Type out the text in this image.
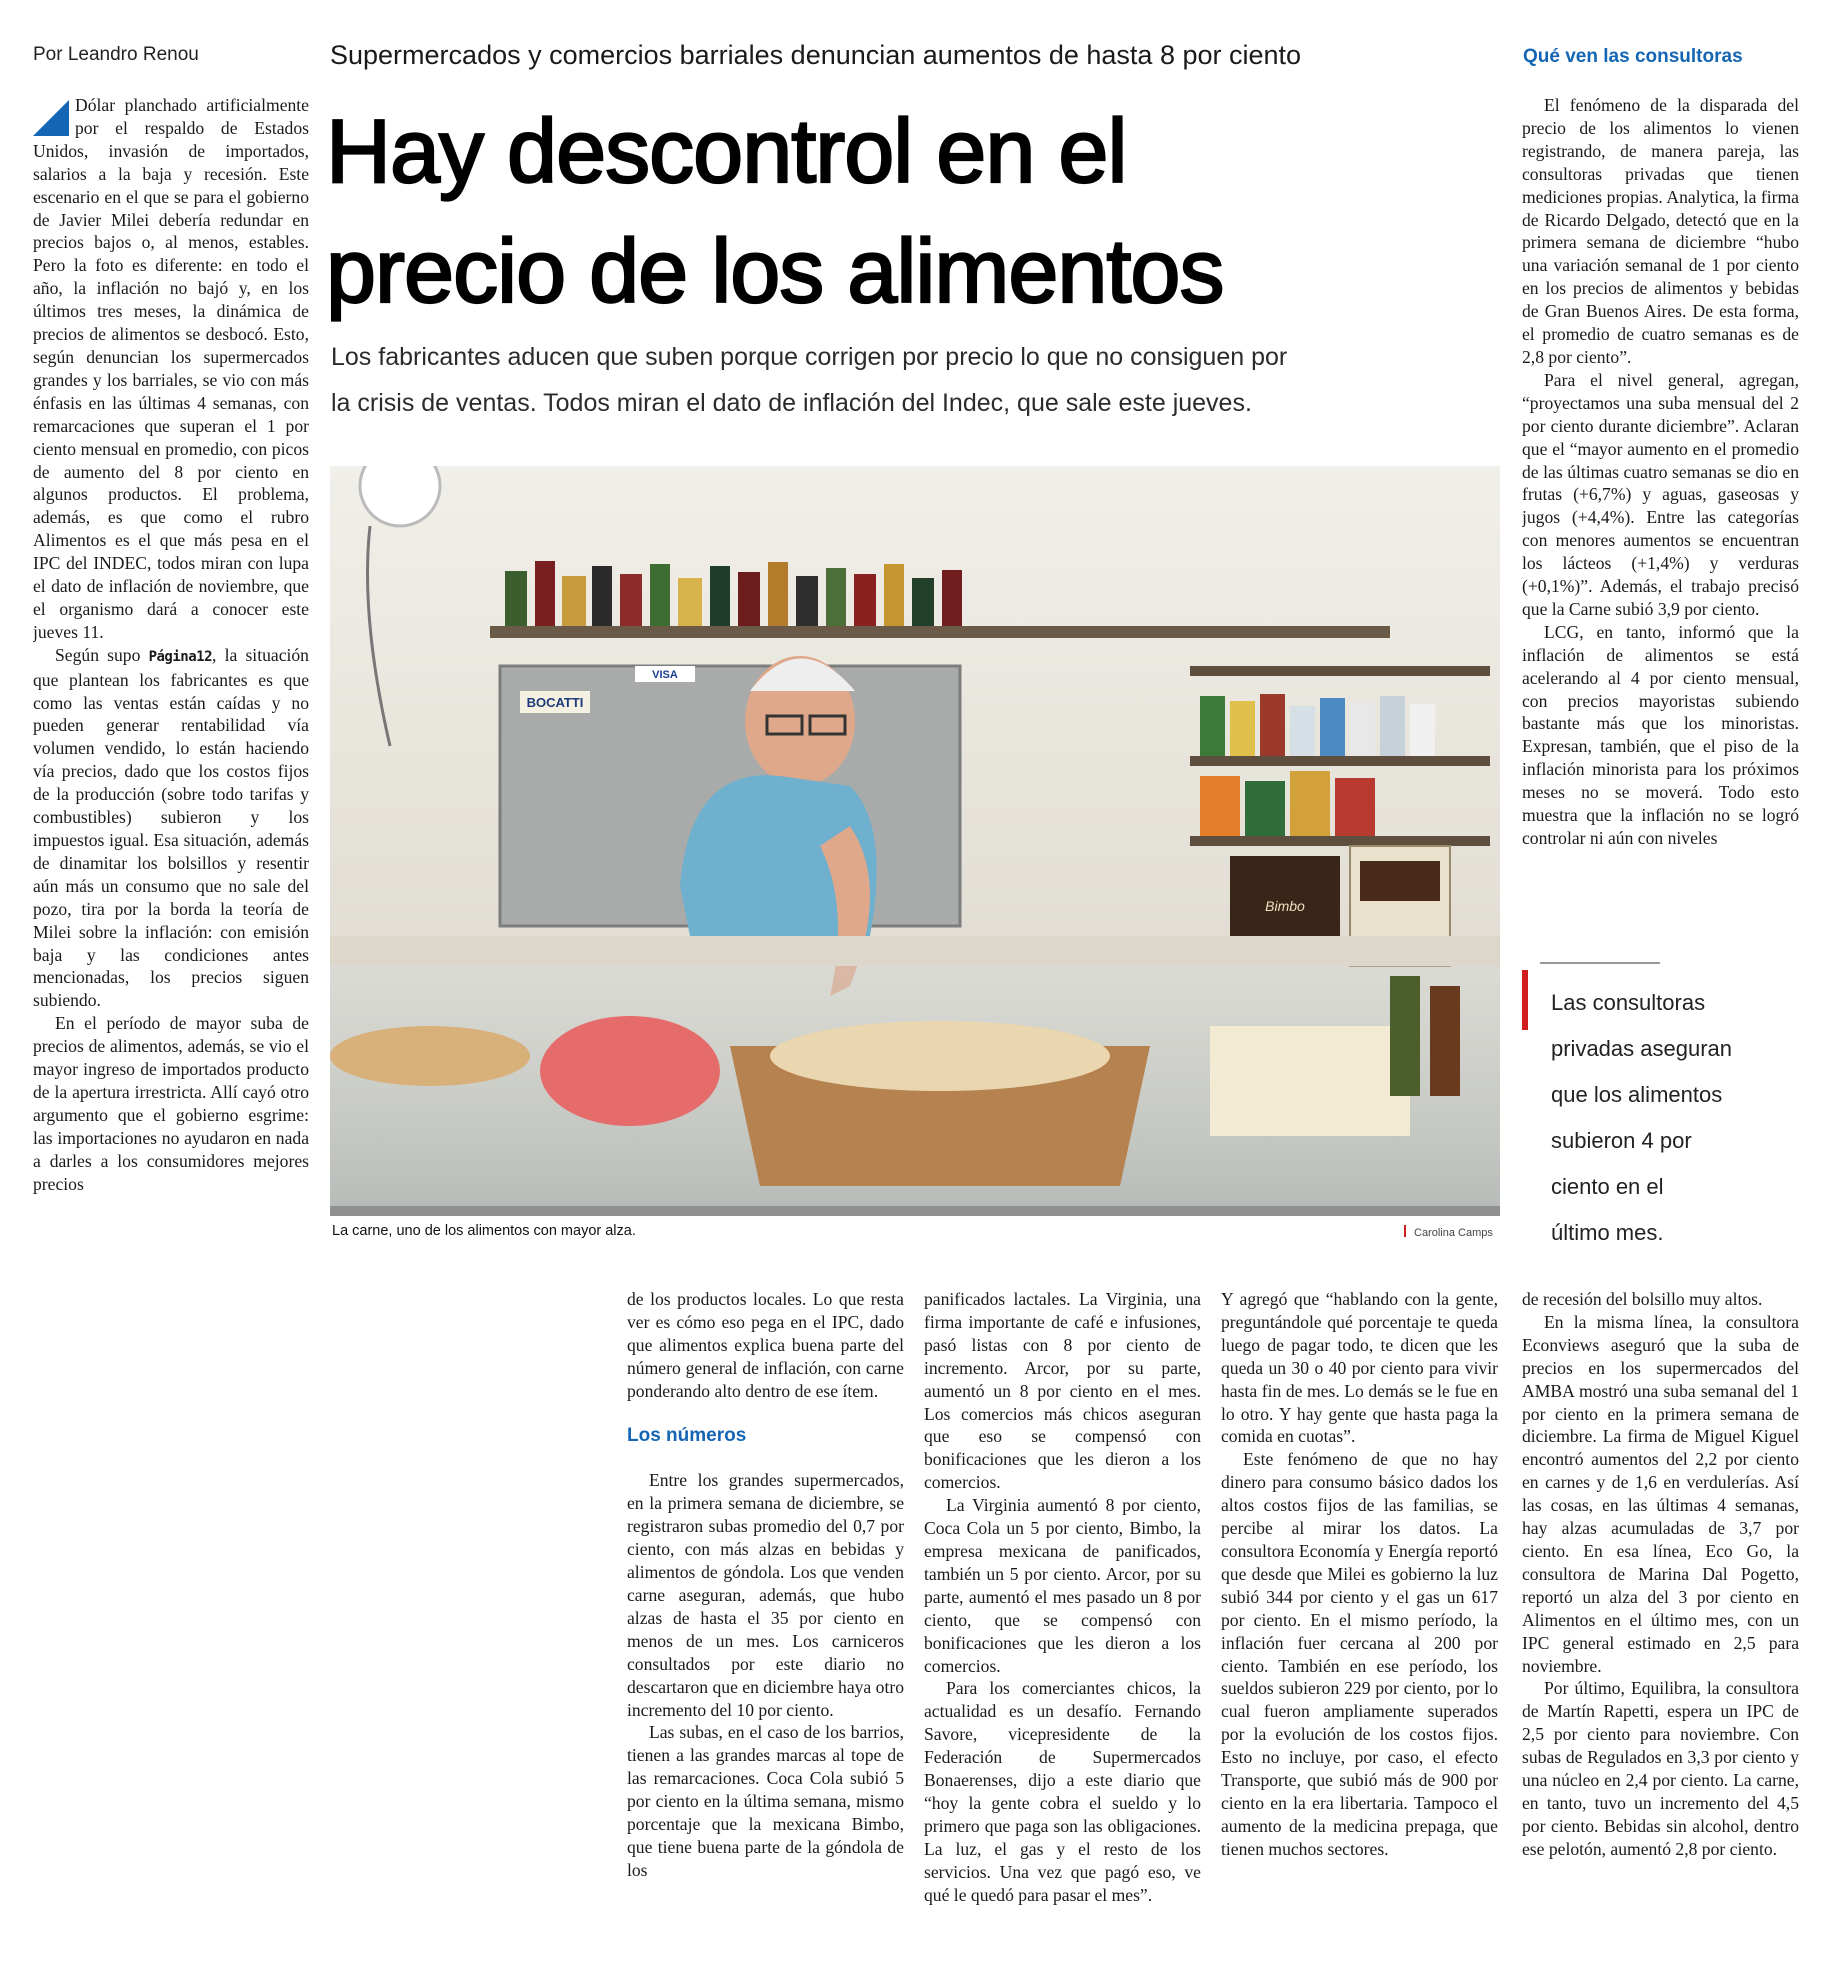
Por Leandro Renou	Supermercados y comercios barriales denuncian aumentos de hasta 8 por ciento
Hay descontrol en el
precio de los alimentos
Los fabricantes aducen que suben porque corrigen por precio lo que no consiguen por
la crisis de ventas. Todos miran el dato de inflación del Indec, que sale este jueves.

Dólar planchado artificialmente por el respaldo de Estados Unidos, invasión de importados, salarios a la baja y recesión. Este escenario en el que se para el gobierno de Javier Milei debería redundar en precios bajos o, al menos, estables. Pero la foto es diferente: en todo el año, la inflación no bajó y, en los últimos tres meses, la dinámica de precios de alimentos se desbocó. Esto, según denuncian los supermercados grandes y los barriales, se vio con más énfasis en las últimas 4 semanas, con remarcaciones que superan el 1 por ciento mensual en promedio, con picos de aumento del 8 por ciento en algunos productos. El problema, además, es que como el rubro Alimentos es el que más pesa en el IPC del INDEC, todos miran con lupa el dato de inflación de noviembre, que el organismo dará a conocer este jueves 11.

Según supo Página12, la situación que plantean los fabricantes es que como las ventas están caídas y no pueden generar rentabilidad vía volumen vendido, lo están haciendo vía precios, dado que los costos fijos de la producción (sobre todo tarifas y combustibles) subieron y los impuestos igual. Esa situación, además de dinamitar los bolsillos y resentir aún más un consumo que no sale del pozo, tira por la borda la teoría de Milei sobre la inflación: con emisión baja y las condiciones antes mencionadas, los precios siguen subiendo.

En el período de mayor suba de precios de alimentos, además, se vio el mayor ingreso de importados producto de la apertura irrestricta. Allí cayó otro argumento que el gobierno esgrime: las importaciones no ayudaron en nada a darles a los consumidores mejores precios

Qué ven las consultoras

El fenómeno de la disparada del precio de los alimentos lo vienen registrando, de manera pareja, las consultoras privadas que tienen mediciones propias. Analytica, la firma de Ricardo Delgado, detectó que en la primera semana de diciembre “hubo una variación semanal de 1 por ciento en los precios de alimentos y bebidas de Gran Buenos Aires. De esta forma, el promedio de cuatro semanas es de 2,8 por ciento”.

Para el nivel general, agregan, “proyectamos una suba mensual del 2 por ciento durante diciembre”. Aclaran que el “mayor aumento en el promedio de las últimas cuatro semanas se dio en frutas (+6,7%) y aguas, gaseosas y jugos (+4,4%). Entre las categorías con menores aumentos se encuentran los lácteos (+1,4%) y verduras (+0,1%)”. Además, el trabajo precisó que la Carne subió 3,9 por ciento.

LCG, en tanto, informó que la inflación de alimentos se está acelerando al 4 por ciento mensual, con precios mayoristas subiendo bastante más que los minoristas. Expresan, también, que el piso de la inflación minorista para los próximos meses no se moverá. Todo esto muestra que la inflación no se logró controlar ni aún con niveles

Las consultoras
privadas aseguran
que los alimentos
subieron 4 por
ciento en el
último mes.
BOCATTI
VISA
Bimbo
La carne, uno de los alimentos con mayor alza.	Carolina Camps

de los productos locales. Lo que resta ver es cómo eso pega en el IPC, dado que alimentos explica buena parte del número general de inflación, con carne ponderando alto dentro de ese ítem.

Los números

Entre los grandes supermercados, en la primera semana de diciembre, se registraron subas promedio del 0,7 por ciento, con más alzas en bebidas y alimentos de góndola. Los que venden carne aseguran, además, que hubo alzas de hasta el 35 por ciento en menos de un mes. Los carniceros consultados por este diario no descartaron que en diciembre haya otro incremento del 10 por ciento.

Las subas, en el caso de los barrios, tienen a las grandes marcas al tope de las remarcaciones. Coca Cola subió 5 por ciento en la última semana, mismo porcentaje que la mexicana Bimbo, que tiene buena parte de la góndola de los

panificados lactales. La Virginia, una firma importante de café e infusiones, pasó listas con 8 por ciento de incremento. Arcor, por su parte, aumentó un 8 por ciento en el mes. Los comercios más chicos aseguran que eso se compensó con bonificaciones que les dieron a los comercios.

La Virginia aumentó 8 por ciento, Coca Cola un 5 por ciento, Bimbo, la empresa mexicana de panificados, también un 5 por ciento. Arcor, por su parte, aumentó el mes pasado un 8 por ciento, que se compensó con bonificaciones que les dieron a los comercios.

Para los comerciantes chicos, la actualidad es un desafío. Fernando Savore, vicepresidente de la Federación de Supermercados Bonaerenses, dijo a este diario que “hoy la gente cobra el sueldo y lo primero que paga son las obligaciones. La luz, el gas y el resto de los servicios. Una vez que pagó eso, ve qué le quedó para pasar el mes”.

Y agregó que “hablando con la gente, preguntándole qué porcentaje te queda luego de pagar todo, te dicen que les queda un 30 o 40 por ciento para vivir hasta fin de mes. Lo demás se le fue en lo otro. Y hay gente que hasta paga la comida en cuotas”.

Este fenómeno de que no hay dinero para consumo básico dados los altos costos fijos de las familias, se percibe al mirar los datos. La consultora Economía y Energía reportó que desde que Milei es gobierno la luz subió 344 por ciento y el gas un 617 por ciento. En el mismo período, la inflación fuer cercana al 200 por ciento. También en ese período, los sueldos subieron 229 por ciento, por lo cual fueron ampliamente superados por la evolución de los costos fijos. Esto no incluye, por caso, el efecto Transporte, que subió más de 900 por ciento en la era libertaria. Tampoco el aumento de la medicina prepaga, que tienen muchos sectores.

de recesión del bolsillo muy altos.

En la misma línea, la consultora Econviews aseguró que la suba de precios en los supermercados del AMBA mostró una suba semanal del 1 por ciento en la primera semana de diciembre. La firma de Miguel Kiguel encontró aumentos del 2,2 por ciento en carnes y de 1,6 en verdulerías. Así las cosas, en las últimas 4 semanas, hay alzas acumuladas de 3,7 por ciento. En esa línea, Eco Go, la consultora de Marina Dal Pogetto, reportó un alza del 3 por ciento en Alimentos en el último mes, con un IPC general estimado en 2,5 para noviembre.

Por último, Equilibra, la consultora de Martín Rapetti, espera un IPC de 2,5 por ciento para noviembre. Con subas de Regulados en 3,3 por ciento y una núcleo en 2,4 por ciento. La carne, en tanto, tuvo un incremento del 4,5 por ciento. Bebidas sin alcohol, dentro ese pelotón, aumentó 2,8 por ciento.
